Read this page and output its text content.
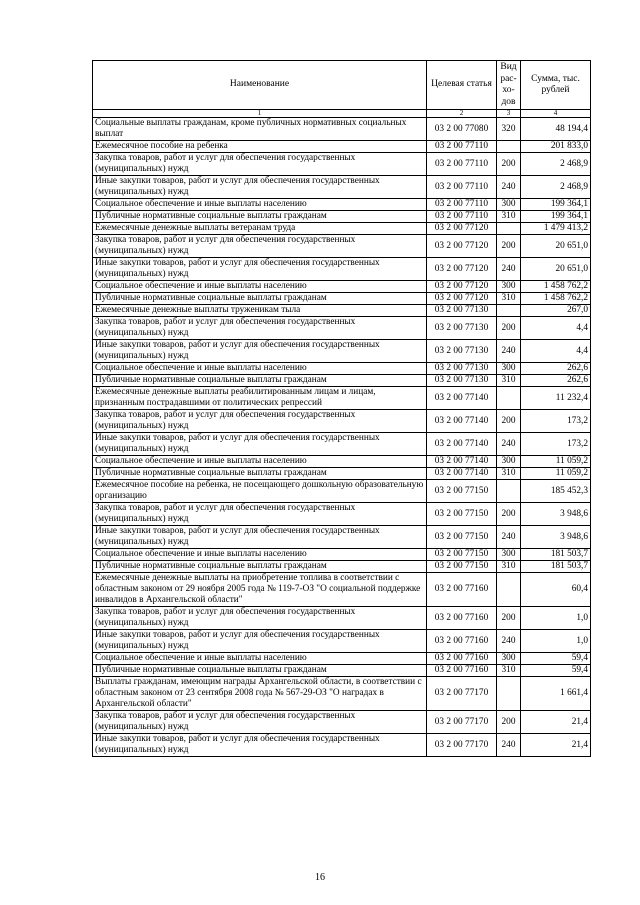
Наименование	Целевая статья	Вид рас-хо-дов	Сумма, тыс. рублей
1	2	3	4
Социальные выплаты гражданам, кроме публичных нормативных социальных выплат	03 2 00 77080	320	48 194,4
Ежемесячное пособие на ребенка	03 2 00 77110		201 833,0
Закупка товаров, работ и услуг для обеспечения государственных (муниципальных) нужд	03 2 00 77110	200	2 468,9
Иные закупки товаров, работ и услуг для обеспечения государственных (муниципальных) нужд	03 2 00 77110	240	2 468,9
Социальное обеспечение и иные выплаты населению	03 2 00 77110	300	199 364,1
Публичные нормативные социальные выплаты гражданам	03 2 00 77110	310	199 364,1
Ежемесячные денежные выплаты ветеранам труда	03 2 00 77120		1 479 413,2
Закупка товаров, работ и услуг для обеспечения государственных (муниципальных) нужд	03 2 00 77120	200	20 651,0
Иные закупки товаров, работ и услуг для обеспечения государственных (муниципальных) нужд	03 2 00 77120	240	20 651,0
Социальное обеспечение и иные выплаты населению	03 2 00 77120	300	1 458 762,2
Публичные нормативные социальные выплаты гражданам	03 2 00 77120	310	1 458 762,2
Ежемесячные денежные выплаты труженикам тыла	03 2 00 77130		267,0
Закупка товаров, работ и услуг для обеспечения государственных (муниципальных) нужд	03 2 00 77130	200	4,4
Иные закупки товаров, работ и услуг для обеспечения государственных (муниципальных) нужд	03 2 00 77130	240	4,4
Социальное обеспечение и иные выплаты населению	03 2 00 77130	300	262,6
Публичные нормативные социальные выплаты гражданам	03 2 00 77130	310	262,6
Ежемесячные денежные выплаты реабилитированным лицам и лицам, признанным пострадавшими от политических репрессий	03 2 00 77140		11 232,4
Закупка товаров, работ и услуг для обеспечения государственных (муниципальных) нужд	03 2 00 77140	200	173,2
Иные закупки товаров, работ и услуг для обеспечения государственных (муниципальных) нужд	03 2 00 77140	240	173,2
Социальное обеспечение и иные выплаты населению	03 2 00 77140	300	11 059,2
Публичные нормативные социальные выплаты гражданам	03 2 00 77140	310	11 059,2
Ежемесячное пособие на ребенка, не посещающего дошкольную образовательную организацию	03 2 00 77150		185 452,3
Закупка товаров, работ и услуг для обеспечения государственных (муниципальных) нужд	03 2 00 77150	200	3 948,6
Иные закупки товаров, работ и услуг для обеспечения государственных (муниципальных) нужд	03 2 00 77150	240	3 948,6
Социальное обеспечение и иные выплаты населению	03 2 00 77150	300	181 503,7
Публичные нормативные социальные выплаты гражданам	03 2 00 77150	310	181 503,7
Ежемесячные денежные выплаты на приобретение топлива в соответствии с областным законом от 29 ноября 2005 года № 119-7-ОЗ "О социальной поддержке инвалидов в Архангельской области"	03 2 00 77160		60,4
Закупка товаров, работ и услуг для обеспечения государственных (муниципальных) нужд	03 2 00 77160	200	1,0
Иные закупки товаров, работ и услуг для обеспечения государственных (муниципальных) нужд	03 2 00 77160	240	1,0
Социальное обеспечение и иные выплаты населению	03 2 00 77160	300	59,4
Публичные нормативные социальные выплаты гражданам	03 2 00 77160	310	59,4
Выплаты гражданам, имеющим награды Архангельской области, в соответствии с областным законом от 23 сентября 2008 года № 567-29-ОЗ "О наградах в Архангельской области"	03 2 00 77170		1 661,4
Закупка товаров, работ и услуг для обеспечения государственных (муниципальных) нужд	03 2 00 77170	200	21,4
Иные закупки товаров, работ и услуг для обеспечения государственных (муниципальных) нужд	03 2 00 77170	240	21,4
16
